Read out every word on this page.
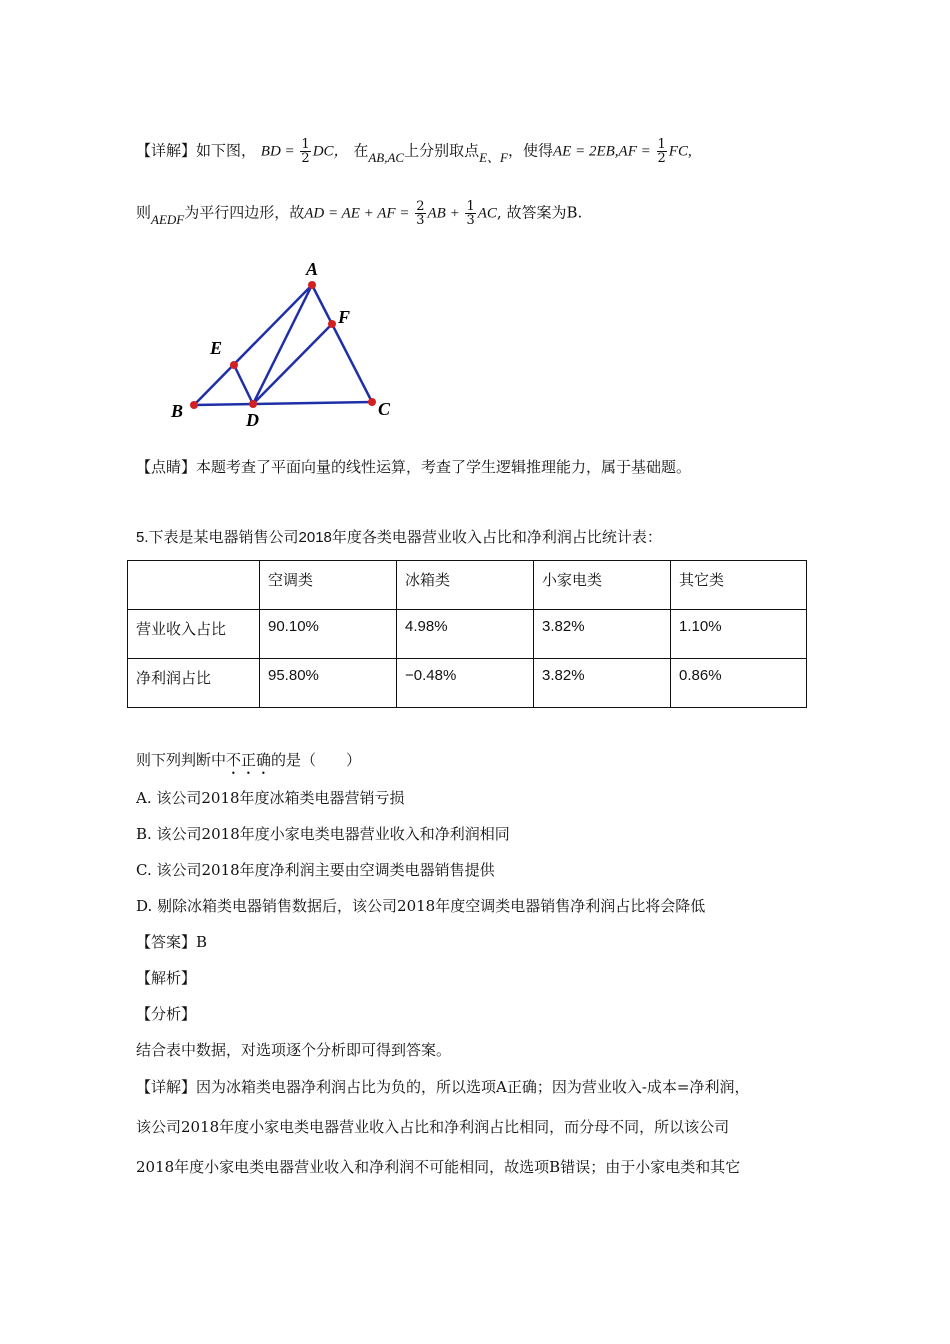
【详解】如下图， BD = $\frac{1}{2}$ DC， 在AB,AC上分别取点E、F，使得AE = $2EB,AF = \frac{1}{2}$ FC,
则AEDF为平行四边形，故AD = AE + AF = $\frac{2}{3}$ AB + $\frac{1}{3}$ AC, 故答案为B.
A
B	C
D
E
F
【点睛】本题考查了平面向量的线性运算，考查了学生逻辑推理能力，属于基础题。
5.下表是某电器销售公司2018年度各类电器营业收入占比和净利润占比统计表：
	空调类	冰箱类	小家电类	其它类
营业收入占比	90.10%	4.98%	3.82%	1.10%
净利润占比	95.80%	−0.48%	3.82%	0.86%
则下列判断中不正确的是（　　）
A. 该公司2018年度冰箱类电器营销亏损
B. 该公司2018年度小家电类电器营业收入和净利润相同
C. 该公司2018年度净利润主要由空调类电器销售提供
D. 剔除冰箱类电器销售数据后，该公司2018年度空调类电器销售净利润占比将会降低
【答案】B
【解析】
【分析】
结合表中数据，对选项逐个分析即可得到答案。
【详解】因为冰箱类电器净利润占比为负的，所以选项A正确；因为营业收入-成本=净利润，
该公司2018年度小家电类电器营业收入占比和净利润占比相同，而分母不同，所以该公司
2018年度小家电类电器营业收入和净利润不可能相同，故选项B错误；由于小家电类和其它
